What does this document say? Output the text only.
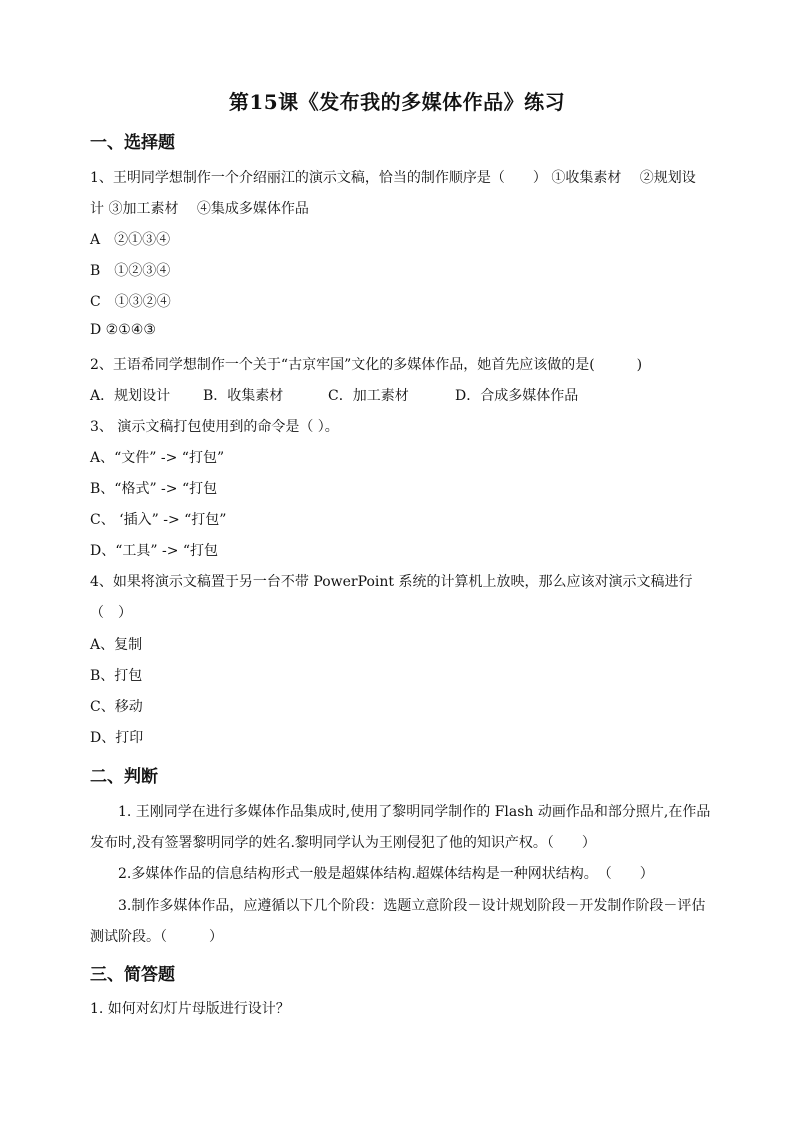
第15课《发布我的多媒体作品》练习
一、选择题
1、王明同学想制作一个介绍丽江的演示文稿，恰当的制作顺序是（　　） ①收集素材　 ②规划设
计 ③加工素材　 ④集成多媒体作品
A　②①③④
B　①②③④
C　①③②④
D ②①④③
2、王语希同学想制作一个关于“古京牢国”文化的多媒体作品，她首先应该做的是(　　　)
A．规划设计 B．收集素材	C．加工素材	D．合成多媒体作品
3、 演示文稿打包使用到的命令是（ ）。
A、“文件” -> “打包”
B、“格式” -> “打包
C、 ‘插入” -> “打包”
D、“工具” -> “打包
4、如果将演示文稿置于另一台不带 PowerPoint 系统的计算机上放映，那么应该对演示文稿进行
（　）
A、复制
B、打包
C、移动
D、打印
二、判断
1. 王刚同学在进行多媒体作品集成时,使用了黎明同学制作的 Flash 动画作品和部分照片,在作品
发布时,没有签署黎明同学的姓名.黎明同学认为王刚侵犯了他的知识产权。（　　）
2.多媒体作品的信息结构形式一般是超媒体结构.超媒体结构是一种网状结构。　（　　）
3.制作多媒体作品，应遵循以下几个阶段：选题立意阶段－设计规划阶段－开发制作阶段－评估
测试阶段。（　　　）
三、简答题
1. 如何对幻灯片母版进行设计？
